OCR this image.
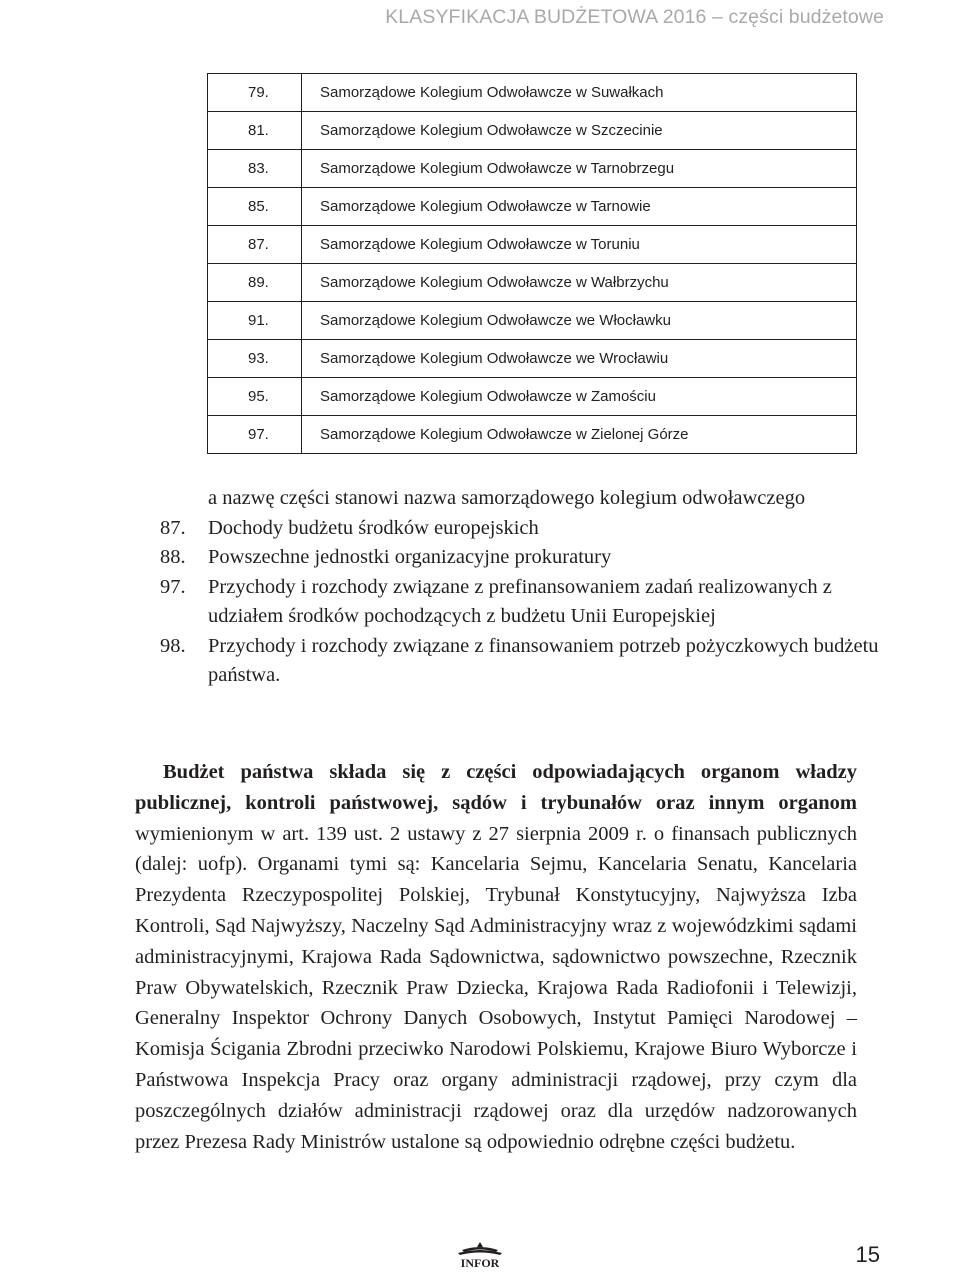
KLASYFIKACJA BUDŻETOWA 2016 – części budżetowe
79.	Samorządowe Kolegium Odwoławcze w Suwałkach
81.	Samorządowe Kolegium Odwoławcze w Szczecinie
83.	Samorządowe Kolegium Odwoławcze w Tarnobrzegu
85.	Samorządowe Kolegium Odwoławcze w Tarnowie
87.	Samorządowe Kolegium Odwoławcze w Toruniu
89.	Samorządowe Kolegium Odwoławcze w Wałbrzychu
91.	Samorządowe Kolegium Odwoławcze we Włocławku
93.	Samorządowe Kolegium Odwoławcze we Wrocławiu
95.	Samorządowe Kolegium Odwoławcze w Zamościu
97.	Samorządowe Kolegium Odwoławcze w Zielonej Górze
a nazwę części stanowi nazwa samorządowego kolegium odwoławczego
87.	Dochody budżetu środków europejskich
88.	Powszechne jednostki organizacyjne prokuratury
97.	Przychody i rozchody związane z prefinansowaniem zadań realizowanych z udziałem środków pochodzących z budżetu Unii Europejskiej
98.	Przychody i rozchody związane z finansowaniem potrzeb pożyczkowych budżetu państwa.
Budżet państwa składa się z części odpowiadających organom władzy publicznej, kontroli państwowej, sądów i trybunałów oraz innym organom wymienionym w art. 139 ust. 2 ustawy z 27 sierpnia 2009 r. o finansach publicznych (dalej: uofp). Organami tymi są: Kancelaria Sejmu, Kancelaria Senatu, Kancelaria Prezydenta Rzeczypospolitej Polskiej, Trybunał Konstytucyjny, Najwyższa Izba Kontroli, Sąd Najwyższy, Naczelny Sąd Administracyjny wraz z wojewódzkimi sądami administracyjnymi, Krajowa Rada Sądownictwa, sądownictwo powszechne, Rzecznik Praw Obywatelskich, Rzecznik Praw Dziecka, Krajowa Rada Radiofonii i Telewizji, Generalny Inspektor Ochrony Danych Osobowych, Instytut Pamięci Narodowej – Komisja Ścigania Zbrodni przeciwko Narodowi Polskiemu, Krajowe Biuro Wyborcze i Państwowa Inspekcja Pracy oraz organy administracji rządowej, przy czym dla poszczególnych działów administracji rządowej oraz dla urzędów nadzorowanych przez Prezesa Rady Ministrów ustalone są odpowiednio odrębne części budżetu.
INFOR	15
